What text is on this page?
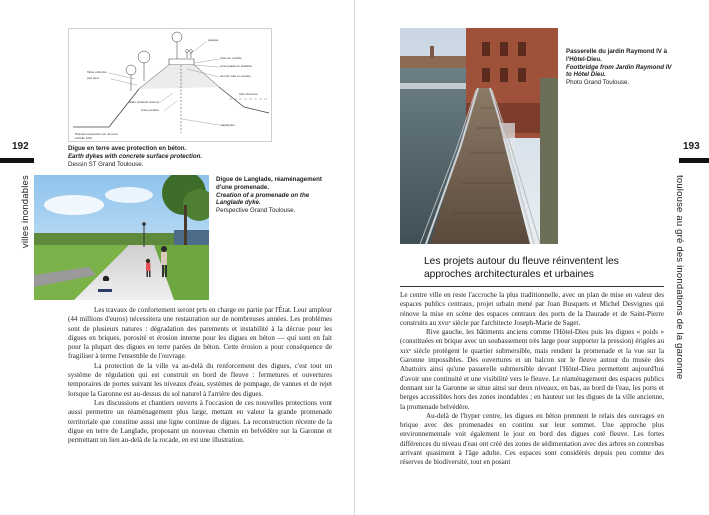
192
villes inondables
Talus enherbé
pas pied
parapet
piste de cycliste
promenade en stabilisé
chemin trait en section
côté Garonne
drain (collecté amont)
fosse perfore
palplanche
Passant souterrain rue de Cour
échelle 1/50
Digue en terre avec protection en béton.
Earth dykes with concrete surface protection.
Dessin ST Grand Toulouse.
Digue de Langlade, réaménagement d'une promenade.
Creation of a promenade on the Langlade dyke.
Perspective Grand Toulouse.

Les travaux de confortement seront prts en charge en partie par l'État. Leur ampleur (44 millions d'euros) nécessitera une restauration sur de nombreuses années. Les problèmes sont de plusieurs natures : dégradation des parements et instabilité à la décrue pour les digues en briques, porosité et érosion interne pour les digues en béton — qui sont en fait pour la plupart des digues en terre parées de béton. Cette érosion a pour conséquence de fragiliser à terme l'ensemble de l'ouvrage.

La protection de la ville va au-delà du renforcement des digues, c'est tout un système de régulation qui est construit en bord de fleuve : fermetures et ouvertures temporaires de portes suivant les niveaux d'eau, systèmes de pompage, de vannes et de rejet lorsque la Garonne est au-dessus du sol naturel à l'arrière des digues.

Les discussions et chantiers ouverts à l'occasion de ces nouvelles protections vont aussi permettre un réaménagement plus large, mettant en valeur la grande promenade territoriale que constitue aussi une ligne continue de digues. La reconstruction récente de la digue en terre de Langlade, proposant un nouveau chemin en belvédère sur la Garonne et permettant un lien au-delà de la rocade, en est une illustration.

193
toulouse au gré des inondations de la garonne
Passerelle du jardin Raymond IV à l'Hôtel-Dieu.
Footbridge from Jardin Raymond IV to Hôtel Dieu.
Photo Grand Toulouse.
Les projets autour du fleuve réinventent les approches architecturales et urbaines

Le centre ville en reste l'accroche la plus traditionnelle, avec un plan de mise en valeur des espaces publics centraux, projet urbain mené par Joan Busquets et Michel Desvignes qui rénove la mise en scène des espaces centraux des ports de la Daurade et de Saint-Pierre construits au xvııᵉ siècle par l'architecte Joseph-Marie de Saget.

Rive gauche, les bâtiments anciens comme l'Hôtel-Dieu puis les digues « poids » (constituées en brique avec un soubassement très large pour supporter la pression) érigées au xıxᵉ siècle protègent le quartier submersible, mais rendent la promenade et la vue sur la Garonne impossibles. Des ouvertures et un balcon sur le fleuve autour du musée des Abattoirs ainsi qu'une passerelle submersible devant l'Hôtel-Dieu permettent aujourd'hui d'avoir une continuité et une visibilité vers le fleuve. Le réaménagement des espaces publics donnant sur la Garonne se situe ainsi sur deux niveaux, en bas, au bord de l'eau, les ports et berges accessibles hors des zones inondables ; en hauteur sur les digues de la ville ancienne, la promenade belvédère.

Au-delà de l'hyper centre, les digues en béton prennent le relais des ouvrages en brique avec des promenades en continu sur leur sommet. Une approche plus environnementale voit également le jour en bord des digues coté fleuve. Les fortes différences du niveau d'eau ont créé des zones de sédimentation avec des arbres en contrebas arrivant quasiment à l'âge adulte. Ces espaces sont considérés depuis peu comme des réserves de biodiversité, tout en posant
